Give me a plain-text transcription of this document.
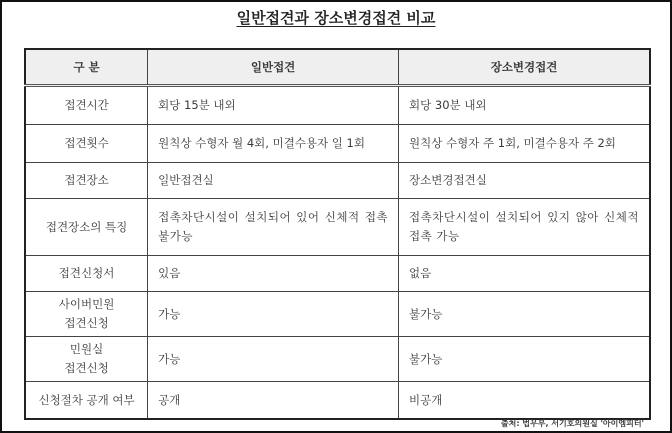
일반접견과 장소변경접견 비교
구 분	일반접견	장소변경접견
접견시간	회당 15분 내외	회당 30분 내외
접견횟수	원칙상 수형자 월 4회, 미결수용자 일 1회	원칙상 수형자 주 1회, 미결수용자 주 2회
접견장소	일반접견실	장소변경접견실
접견장소의 특징	접촉차단시설이 설치되어 있어 신체적 접촉 불가능	접촉차단시설이 설치되어 있지 않아 신체적 접촉 가능
접견신청서	있음	없음

사이버민원
접견신청	가능	불가능

민원실
접견신청	가능	불가능
신청절차 공개 여부	공개	비공개
출처: 법무부, 서기호의원실 '아이엠피터'
